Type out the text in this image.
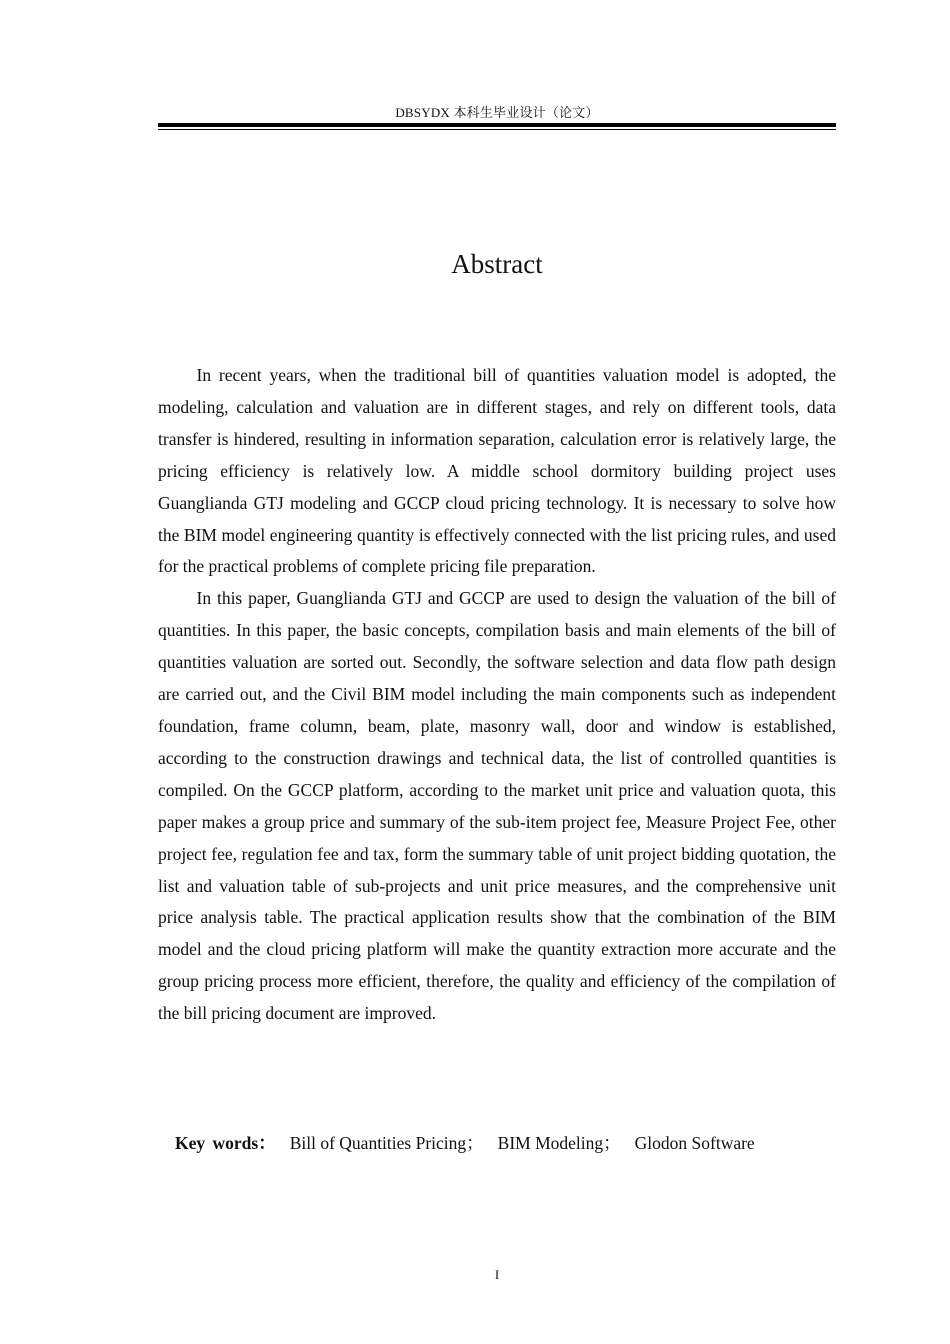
DBSYDX 本科生毕业设计（论文）
Abstract

In recent years, when the traditional bill of quantities valuation model is adopted, the modeling, calculation and valuation are in different stages, and rely on different tools, data transfer is hindered, resulting in information separation, calculation error is relatively large, the pricing efficiency is relatively low. A middle school dormitory building project uses Guanglianda GTJ modeling and GCCP cloud pricing technology. It is necessary to solve how the BIM model engineering quantity is effectively connected with the list pricing rules, and used for the practical problems of complete pricing file preparation.

In this paper, Guanglianda GTJ and GCCP are used to design the valuation of the bill of quantities. In this paper, the basic concepts, compilation basis and main elements of the bill of quantities valuation are sorted out. Secondly, the software selection and data flow path design are carried out, and the Civil BIM model including the main components such as independent foundation, frame column, beam, plate, masonry wall, door and window is established, according to the construction drawings and technical data, the list of controlled quantities is compiled. On the GCCP platform, according to the market unit price and valuation quota, this paper makes a group price and summary of the sub-item project fee, Measure Project Fee, other project fee, regulation fee and tax, form the summary table of unit project bidding quotation, the list and valuation table of sub-projects and unit price measures, and the comprehensive unit price analysis table. The practical application results show that the combination of the BIM model and the cloud pricing platform will make the quantity extraction more accurate and the group pricing process more efficient, therefore, the quality and efficiency of the compilation of the bill pricing document are improved.

Key words： Bill of Quantities Pricing； BIM Modeling； Glodon Software
I
